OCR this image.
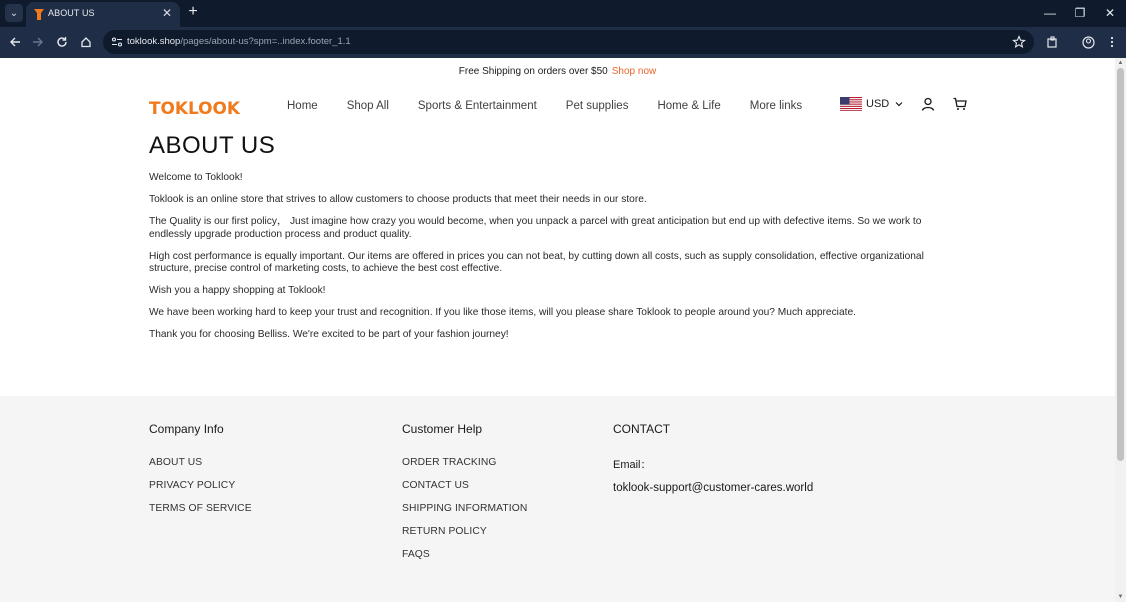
⌄	ABOUT US	✕ +	—	❐	✕
toklook.shop/pages/about-us?spm=..index.footer_1.1
Free Shipping on orders over $50 Shop now
TOKLOOK	Home	Shop All	Sports & Entertainment	Pet supplies	Home & Life	More links	USD
ABOUT US

Welcome to Toklook!

Toklook is an online store that strives to allow customers to choose products that meet their needs in our store.

The Quality is our first policy， Just imagine how crazy you would become, when you unpack a parcel with great anticipation but end up with defective items. So we work to endlessly upgrade production process and product quality.

High cost performance is equally important. Our items are offered in prices you can not beat, by cutting down all costs, such as supply consolidation, effective organizational structure, precise control of marketing costs, to achieve the best cost effective.

Wish you a happy shopping at Toklook!

We have been working hard to keep your trust and recognition. If you like those items, will you please share Toklook to people around you? Much appreciate.

Thank you for choosing Belliss. We're excited to be part of your fashion journey!

Company Info
ABOUT US
PRIVACY POLICY
TERMS OF SERVICE
Customer Help
ORDER TRACKING
CONTACT US
SHIPPING INFORMATION
RETURN POLICY
FAQS
CONTACT
Email：
toklook-support@customer-cares.world
▲
▼
